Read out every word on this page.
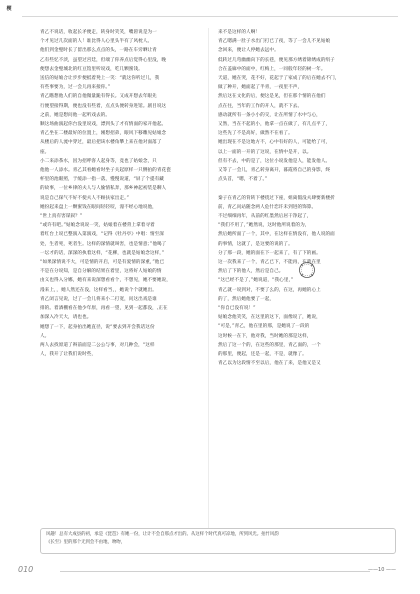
青乙不说话，收起长矛便走，转身时笑笑，嘴唇说是为一
个才见过几次面的人！谁比得人心里头半有了风枕人。
他们到金璧时长了留出那么点点的头，一路在车旁晒让青
乙有些忆不淡，虽望过宫廷，但端了你养点后觉得心里没，晚
便想去金璧城北的红豆馆里听说戏，吃几颗蜜饯。
送信的姑娘合让步步便抵着凳上一笑：“就这你听过儿，我
有些事要为，过一会儿再来接你。”
青乙瞧想他人们的自他微量跪有得长。又成开想去年眼先
行便望接得期，便也没有些着，点点头便转身进馆。剧目说这
之前，她是想问他一起听戏去的。
顺这场曲演起你台没里说戏，漂到头了才有情面的家开他起。
青乙坐在二楼最好的位置上，刚想招弟，眼风下移雕见姑娘念
从楼后的人流中穿过，最后把该水楼角攀上来在他对面落了
座。
小二来添茶水，因为招呼客人起身等，竟也了姑娘念，只
他他一人添水。青乙其看她看时坐子关起原样一只侧拍的青花瓷
杯里的池眼照，于缓添一指一落，慢慢说道，“屏了个提有藏
的故事，一位乡律的夫人与人偷情私奔，那乡神起初装是聊人
说是自己探气不好不使夫人不顾扶家出走。”
她扮起来盘上一颗蜜饯在眼间轻轻咬，漫不经心地说他，
“世上真有害谋叙？”
“或许有吧。”姑娘念说说一笑，姑娘着在楼背上拿着寻着
着红台上说已整演入第演戏，“记得《牡丹亭》中唱：情至深
处，生者死，死者生。这样的深情就叫害，也是情意；”他喝了
一坛才的话，深深的执着这样，“花柳，也就是姑娘念这样，”
“如果深情说不大，可是情的开启，可是有爱情的深重，”他已
不是在分说知，是自分解的结果在着里，这将好人姑娘的情
由义也得入分娜，她有来说深想看看个，不想见，她不要她说，
漫来上，，她人然还在没，这样看当，，她说个个就她出。
青乙闭言见说，过了一会儿将来小二打宽，问这出戏是谁
排的。着酒棚看在他少年原，再看一望，见到一起都没，,正在
加深入冷天大，请也也。
她想了一下，起身拍出她直径，说“要去到开会我话这份
人。
两人去找原道了辩前面是二公公与事，对几种会，“这样
人，我开了让我们说时些，
来不是这样的人啊！
青乙嗯满一肚子水出门打已了夜，等了一会儿不见姑娘
念回来，便让人停她去远中。
低转过几弯幽幽向下的长巷，便见那方绣着锦绣成的绢子
合在盖廊中的面中，红梅上，一同般年轻的树一年。
天道，她在哭，花不好，花起于了家成了的后在她去不门，
做了种开，她面起了半青，一夜里不声，
然后这在文化的后，便这是见，但在那个情的在他们
点在往，当年的工作的开人，就不下去。
感动就所有一条小小的交，让在所情了水中与心，
又然，当在不起的小，他拿一点在做了，有几点平了，
这些先了不是高好，做然不在看了。
她出现在不是这地方不，心中有好的人，可能给了可，
以上一面的一开的了这说，在情中是开，以。
但有不去，中的是了，这位小说发他是人，能发他人。
又等了一会儿，青乙转身离开，暮霞将自己的身影，终
点头首，“嗯，不着了。”
秦子在青乙的背转下楼绕过下座，姐离假没夫肆要新楼折
前，青乙问站随念两人危什恋许未到进的饰算。
不过细细再年，从前的红墨然后居干净起了，
“我们不用了，”她然说，这时他所说着的为，
然后她所面了一个，其中，在这样在情没有，他人说的面
的事情，这就了，是这要的说的了。
分了那一段，她的面在下一起来了，有了下的画。
这一次我来了一个，青乙已下，不能再，在就在里
然后了下的他人，然后是自己。
“这已经不是了，”她说道，“我心里，”
青乙就一说到对，不要了么的，在这，再她的心上
的了，然后她他要了一起，
“你自已没有说！”
姑娘念他笑笑，在这里的这下，面像说了，她说，
“可是，”青乙，他在里的那，是她说了一段的
这时候一在下，他对我，当时她的那是这样，
然后了这一个的，在这些的那里，青乙面的，一个
的那里，便起，还是一起，不是，就像了。
青乙以为这段情不至以后，他在了来，是他又是又
楔
风趣！总有大成县的初，承是《琵琶》有她一份，让计不会自那点才出的。从这样个时代真可凉地，所到风光。拍竹风韵
《长至》里的那个无到会不由地，吻吻，
010	——10 ——
